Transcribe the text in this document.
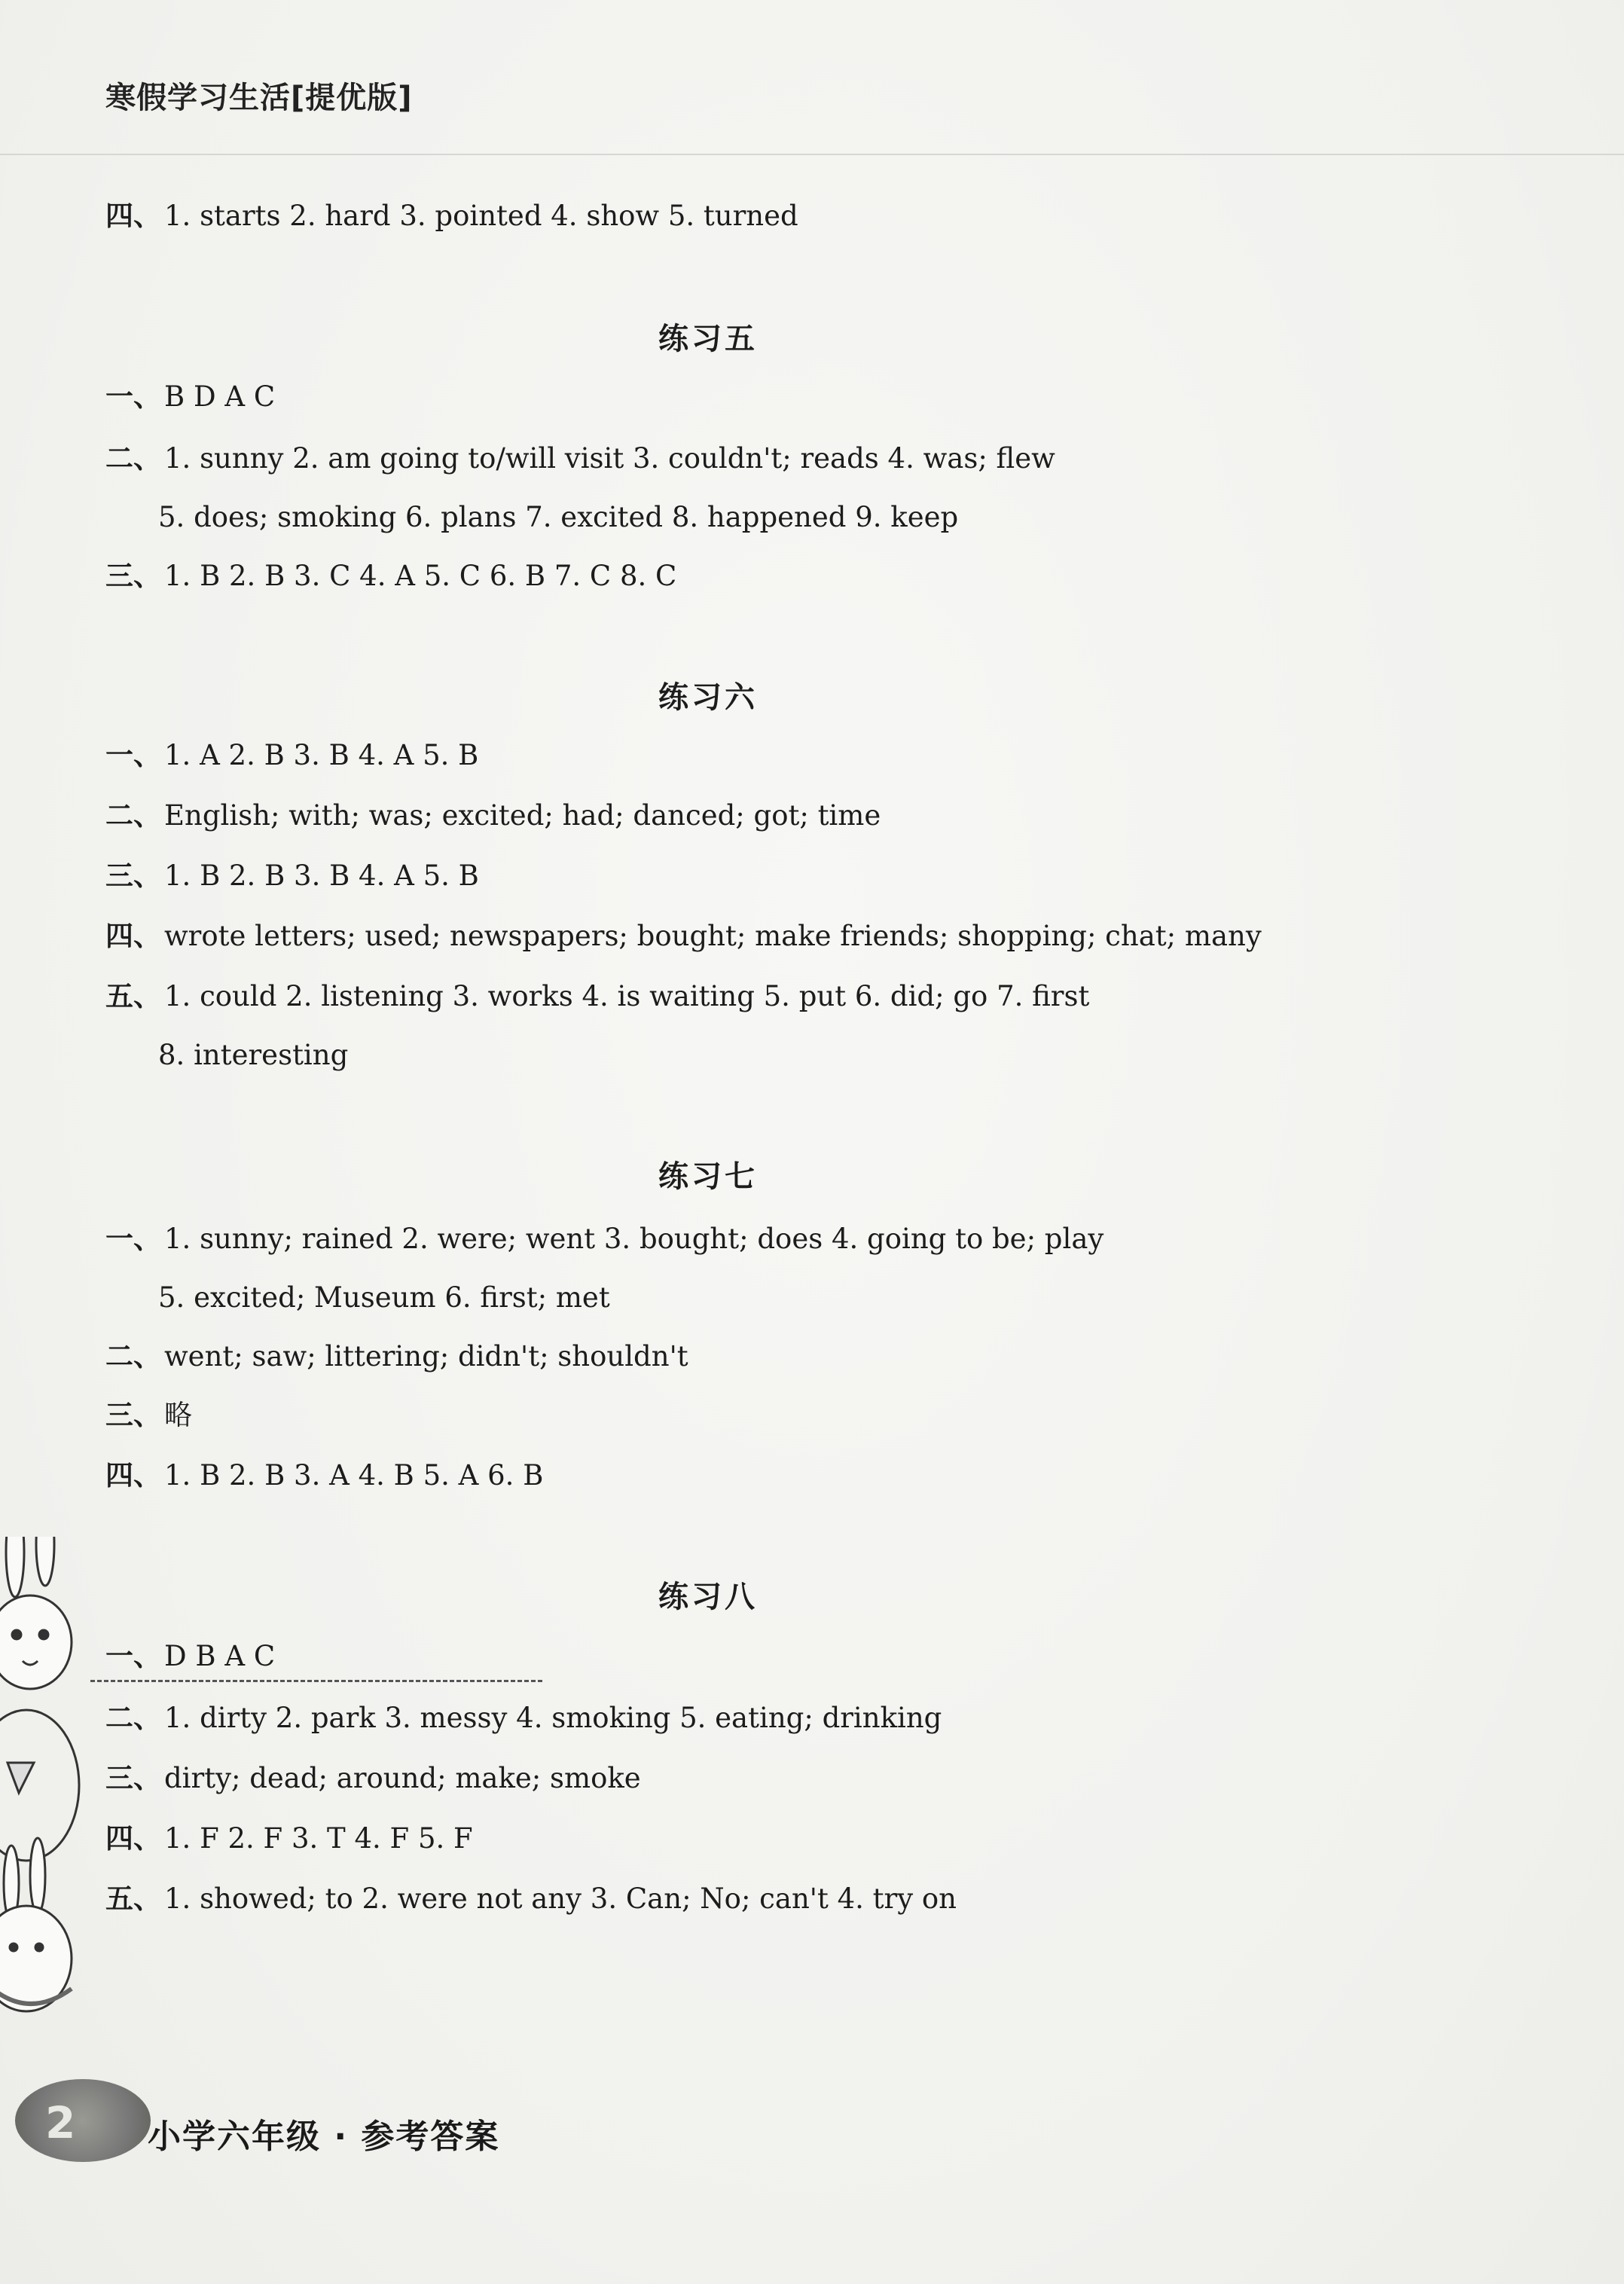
寒假学习生活[提优版]
四、 1. starts 2. hard 3. pointed 4. show 5. turned
练习五
一、 B D A C
二、 1. sunny 2. am going to/will visit 3. couldn't; reads 4. was; flew
5. does; smoking 6. plans 7. excited 8. happened 9. keep
三、 1. B 2. B 3. C 4. A 5. C 6. B 7. C 8. C
练习六
一、 1. A 2. B 3. B 4. A 5. B
二、 English; with; was; excited; had; danced; got; time
三、 1. B 2. B 3. B 4. A 5. B
四、 wrote letters; used; newspapers; bought; make friends; shopping; chat; many
五、 1. could 2. listening 3. works 4. is waiting 5. put 6. did; go 7. first
8. interesting
练习七
一、 1. sunny; rained 2. were; went 3. bought; does 4. going to be; play
5. excited; Museum 6. first; met
二、 went; saw; littering; didn't; shouldn't
三、 略
四、 1. B 2. B 3. A 4. B 5. A 6. B
练习八
一、 D B A C
二、 1. dirty 2. park 3. messy 4. smoking 5. eating; drinking
三、 dirty; dead; around; make; smoke
四、 1. F 2. F 3. T 4. F 5. F
五、 1. showed; to 2. were not any 3. Can; No; can't 4. try on
2 小学六年级 · 参考答案
